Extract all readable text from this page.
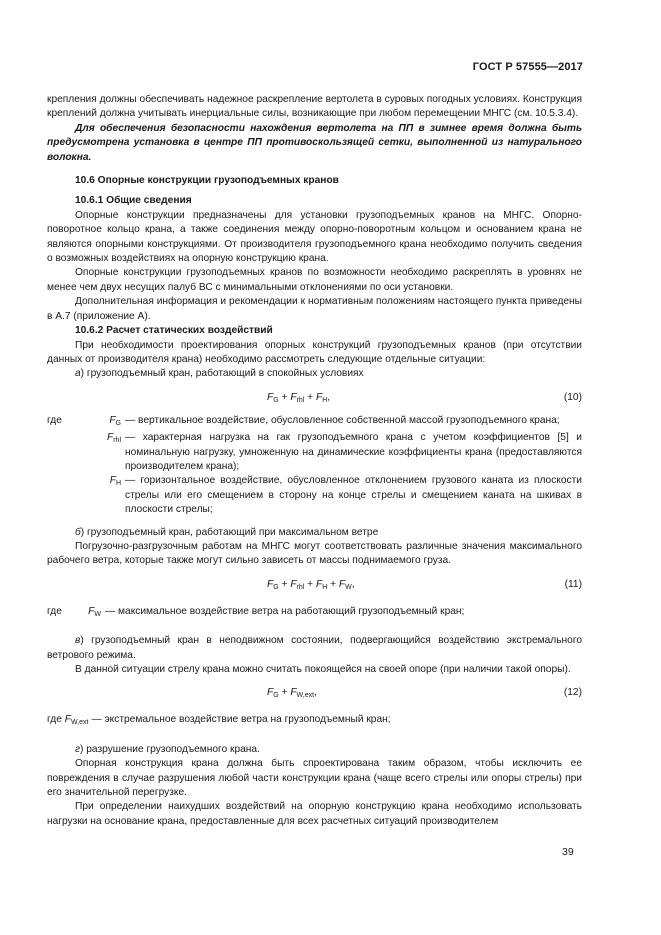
ГОСТ Р 57555—2017

крепления должны обеспечивать надежное раскрепление вертолета в суровых погодных условиях. Конструкция креплений должна учитывать инерциальные силы, возникающие при любом перемещении МНГС (см. 10.5.3.4).

Для обеспечения безопасности нахождения вертолета на ПП в зимнее время должна быть предусмотрена установка в центре ПП противоскользящей сетки, выполненной из натурального волокна.

10.6 Опорные конструкции грузоподъемных кранов

10.6.1 Общие сведения

Опорные конструкции предназначены для установки грузоподъемных кранов на МНГС. Опорно-поворотное кольцо крана, а также соединения между опорно-поворотным кольцом и основанием крана не являются опорными конструкциями. От производителя грузоподъемного крана необходимо получить сведения о возможных воздействиях на опорную конструкцию крана.

Опорные конструкции грузоподъемных кранов по возможности необходимо раскреплять в уровнях не менее чем двух несущих палуб ВС с минимальными отклонениями по оси установки.

Дополнительная информация и рекомендации к нормативным положениям настоящего пункта приведены в А.7 (приложение А).

10.6.2 Расчет статических воздействий

При необходимости проектирования опорных конструкций грузоподъемных кранов (при отсутствии данных от производителя крана) необходимо рассмотреть следующие отдельные ситуации:

а) грузоподъемный кран, работающий в спокойных условиях

$F_G + F_{rhl} + F_H$,	(10)
где	$F_G$ — вертикальное воздействие, обусловленное собственной массой грузоподъемного крана;
$F_{rhl}$ — характерная нагрузка на гак грузоподъемного крана с учетом коэффициентов [5] и номинальную нагрузку, умноженную на динамические коэффициенты крана (предоставляются производителем крана);
$F_H$ — горизонтальное воздействие, обусловленное отклонением грузового каната из плоскости стрелы или его смещением в сторону на конце стрелы и смещением каната на шкивах в плоскости стрелы;

б) грузоподъемный кран, работающий при максимальном ветре

Погрузочно-разгрузочным работам на МНГС могут соответствовать различные значения максимального рабочего ветра, которые также могут сильно зависеть от массы поднимаемого груза.

$F_G + F_{rhl} + F_H + F_W$,	(11)
где	$F_W$ — максимальное воздействие ветра на работающий грузоподъемный кран;

в) грузоподъемный кран в неподвижном состоянии, подвергающийся воздействию экстремального ветрового режима.

В данной ситуации стрелу крана можно считать покоящейся на своей опоре (при наличии такой опоры).

$F_G + F_{W,ext}$,	(12)
где $F_{W,ext}$ — экстремальное воздействие ветра на грузоподъемный кран;

г) разрушение грузоподъемного крана.

Опорная конструкция крана должна быть спроектирована таким образом, чтобы исключить ее повреждения в случае разрушения любой части конструкции крана (чаще всего стрелы или опоры стрелы) при его значительной перегрузке.

При определении наихудших воздействий на опорную конструкцию крана необходимо использовать нагрузки на основание крана, предоставленные для всех расчетных ситуаций производителем

39
